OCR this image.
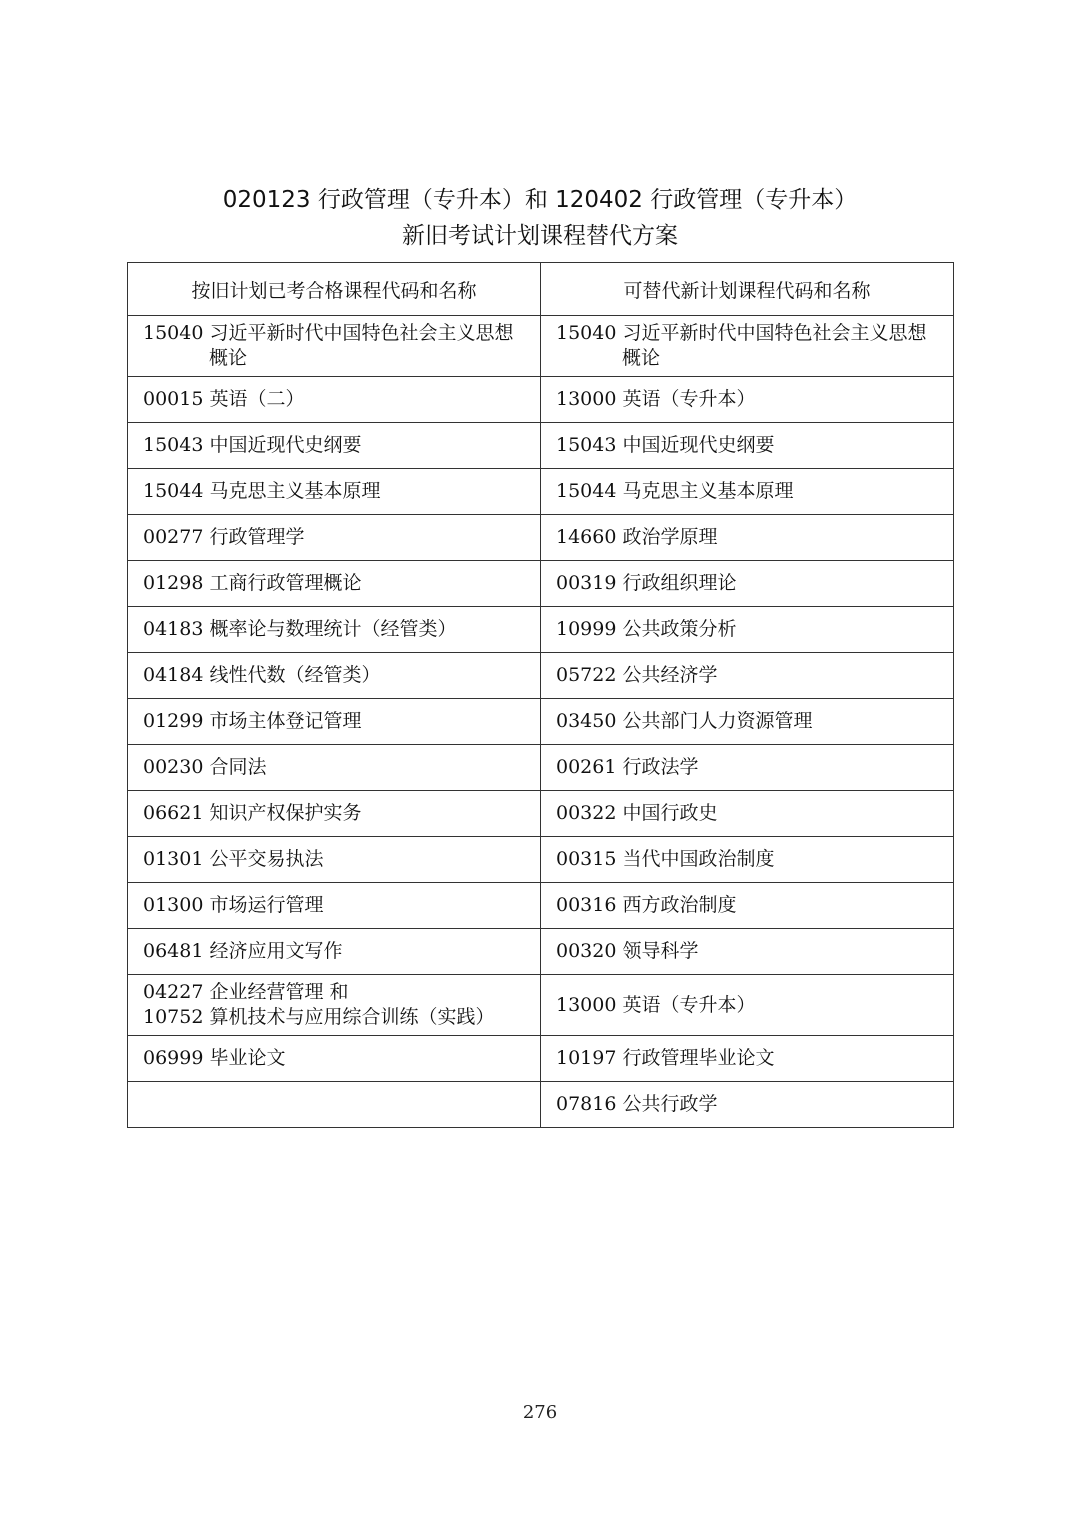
020123 行政管理（专升本）和 120402 行政管理（专升本）
新旧考试计划课程替代方案
按旧计划已考合格课程代码和名称	可替代新计划课程代码和名称

15040 习近平新时代中国特色社会主义思想概论	15040 习近平新时代中国特色社会主义思想概论

00015 英语（二）	13000 英语（专升本）
15043 中国近现代史纲要	15043 中国近现代史纲要
15044 马克思主义基本原理	15044 马克思主义基本原理
00277 行政管理学	14660 政治学原理
01298 工商行政管理概论	00319 行政组织理论
04183 概率论与数理统计（经管类）	10999 公共政策分析
04184 线性代数（经管类）	05722 公共经济学
01299 市场主体登记管理	03450 公共部门人力资源管理
00230 合同法	00261 行政法学
06621 知识产权保护实务	00322 中国行政史
01301 公平交易执法	00315 当代中国政治制度
01300 市场运行管理	00316 西方政治制度
06481 经济应用文写作	00320 领导科学

04227 企业经营管理 和
10752 算机技术与应用综合训练（实践）	13000 英语（专升本）
06999 毕业论文	10197 行政管理毕业论文
	07816 公共行政学
276
